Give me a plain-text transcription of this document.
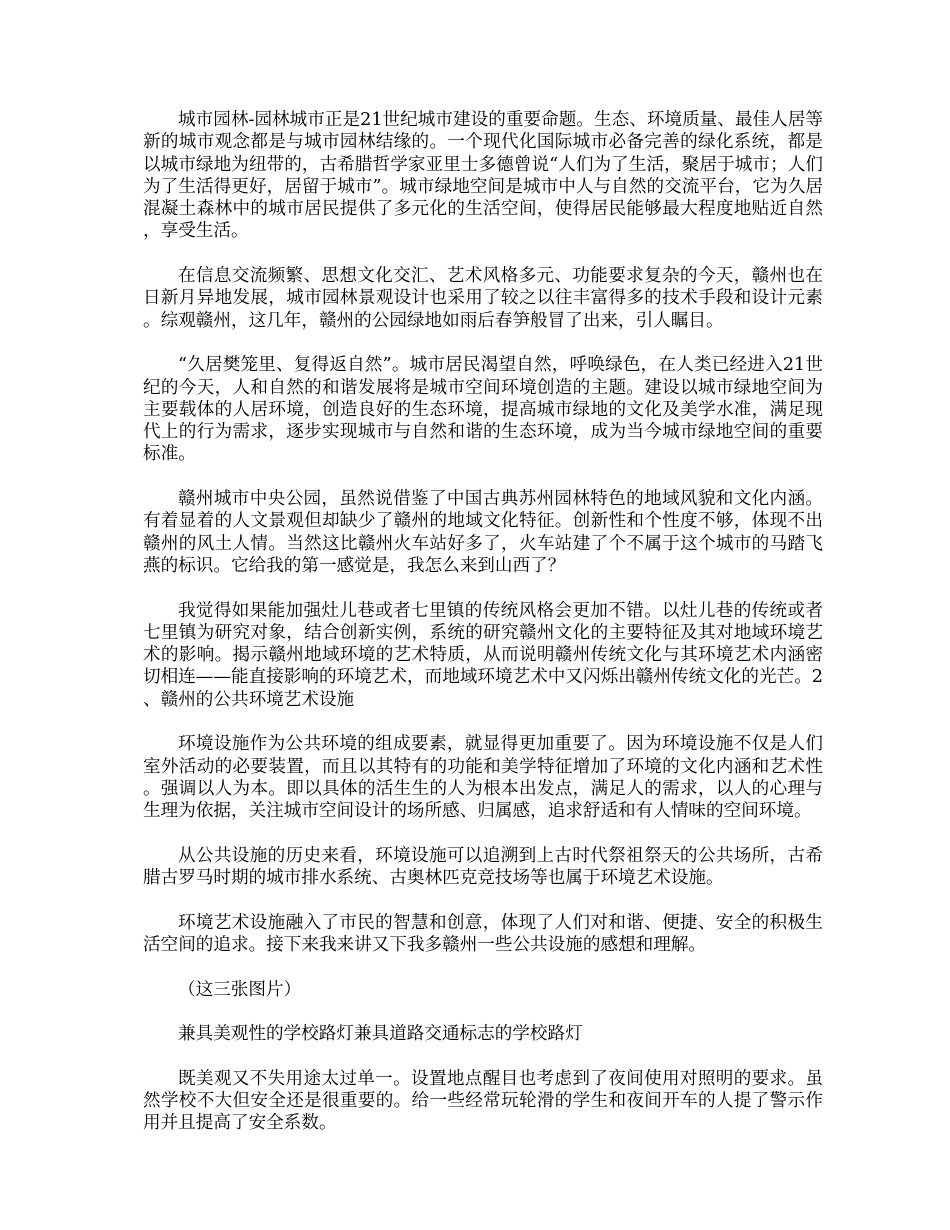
城市园林-园林城市正是21世纪城市建设的重要命题。生态、环境质量、最佳人居等新的城市观念都是与城市园林结缘的。一个现代化国际城市必备完善的绿化系统，都是以城市绿地为纽带的，古希腊哲学家亚里士多德曾说“人们为了生活，聚居于城市；人们为了生活得更好，居留于城市”。城市绿地空间是城市中人与自然的交流平台，它为久居混凝土森林中的城市居民提供了多元化的生活空间，使得居民能够最大程度地贴近自然，享受生活。

在信息交流频繁、思想文化交汇、艺术风格多元、功能要求复杂的今天，赣州也在日新月异地发展，城市园林景观设计也采用了较之以往丰富得多的技术手段和设计元素。综观赣州，这几年，赣州的公园绿地如雨后春笋般冒了出来，引人瞩目。

“久居樊笼里、复得返自然”。城市居民渴望自然，呼唤绿色，在人类已经进入21世纪的今天，人和自然的和谐发展将是城市空间环境创造的主题。建设以城市绿地空间为主要载体的人居环境，创造良好的生态环境，提高城市绿地的文化及美学水准，满足现代上的行为需求，逐步实现城市与自然和谐的生态环境，成为当今城市绿地空间的重要标准。

赣州城市中央公园，虽然说借鉴了中国古典苏州园林特色的地域风貌和文化内涵。有着显着的人文景观但却缺少了赣州的地域文化特征。创新性和个性度不够，体现不出赣州的风土人情。当然这比赣州火车站好多了，火车站建了个不属于这个城市的马踏飞燕的标识。它给我的第一感觉是，我怎么来到山西了？

我觉得如果能加强灶儿巷或者七里镇的传统风格会更加不错。以灶儿巷的传统或者七里镇为研究对象，结合创新实例，系统的研究赣州文化的主要特征及其对地域环境艺术的影响。揭示赣州地域环境的艺术特质，从而说明赣州传统文化与其环境艺术内涵密切相连——能直接影响的环境艺术，而地域环境艺术中又闪烁出赣州传统文化的光芒。2、赣州的公共环境艺术设施

环境设施作为公共环境的组成要素，就显得更加重要了。因为环境设施不仅是人们室外活动的必要装置，而且以其特有的功能和美学特征增加了环境的文化内涵和艺术性。强调以人为本。即以具体的活生生的人为根本出发点，满足人的需求，以人的心理与生理为依据，关注城市空间设计的场所感、归属感，追求舒适和有人情味的空间环境。

从公共设施的历史来看，环境设施可以追溯到上古时代祭祖祭天的公共场所，古希腊古罗马时期的城市排水系统、古奥林匹克竞技场等也属于环境艺术设施。

环境艺术设施融入了市民的智慧和创意，体现了人们对和谐、便捷、安全的积极生活空间的追求。接下来我来讲又下我多赣州一些公共设施的感想和理解。

（这三张图片）

兼具美观性的学校路灯兼具道路交通标志的学校路灯

既美观又不失用途太过单一。设置地点醒目也考虑到了夜间使用对照明的要求。虽然学校不大但安全还是很重要的。给一些经常玩轮滑的学生和夜间开车的人提了警示作用并且提高了安全系数。
